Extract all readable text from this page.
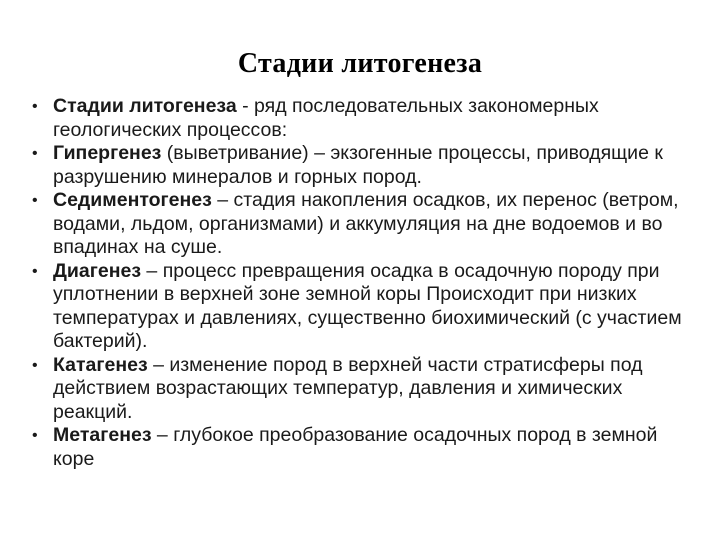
Стадии литогенеза
• Стадии литогенеза - ряд последовательных закономерных геологических процессов:
• Гипергенез (выветривание) – экзогенные процессы, приводящие к разрушению минералов и горных пород.
• Седиментогенез – стадия накопления осадков, их перенос (ветром, водами, льдом, организмами) и аккумуляция на дне водоемов и во впадинах на суше.
• Диагенез – процесс превращения осадка в осадочную породу при уплотнении в верхней зоне земной коры Происходит при низких температурах и давлениях, существенно биохимический (с участием бактерий).
• Катагенез – изменение пород в верхней части стратисферы под действием возрастающих температур, давления и химических реакций.
• Метагенез – глубокое преобразование осадочных пород в земной коре
